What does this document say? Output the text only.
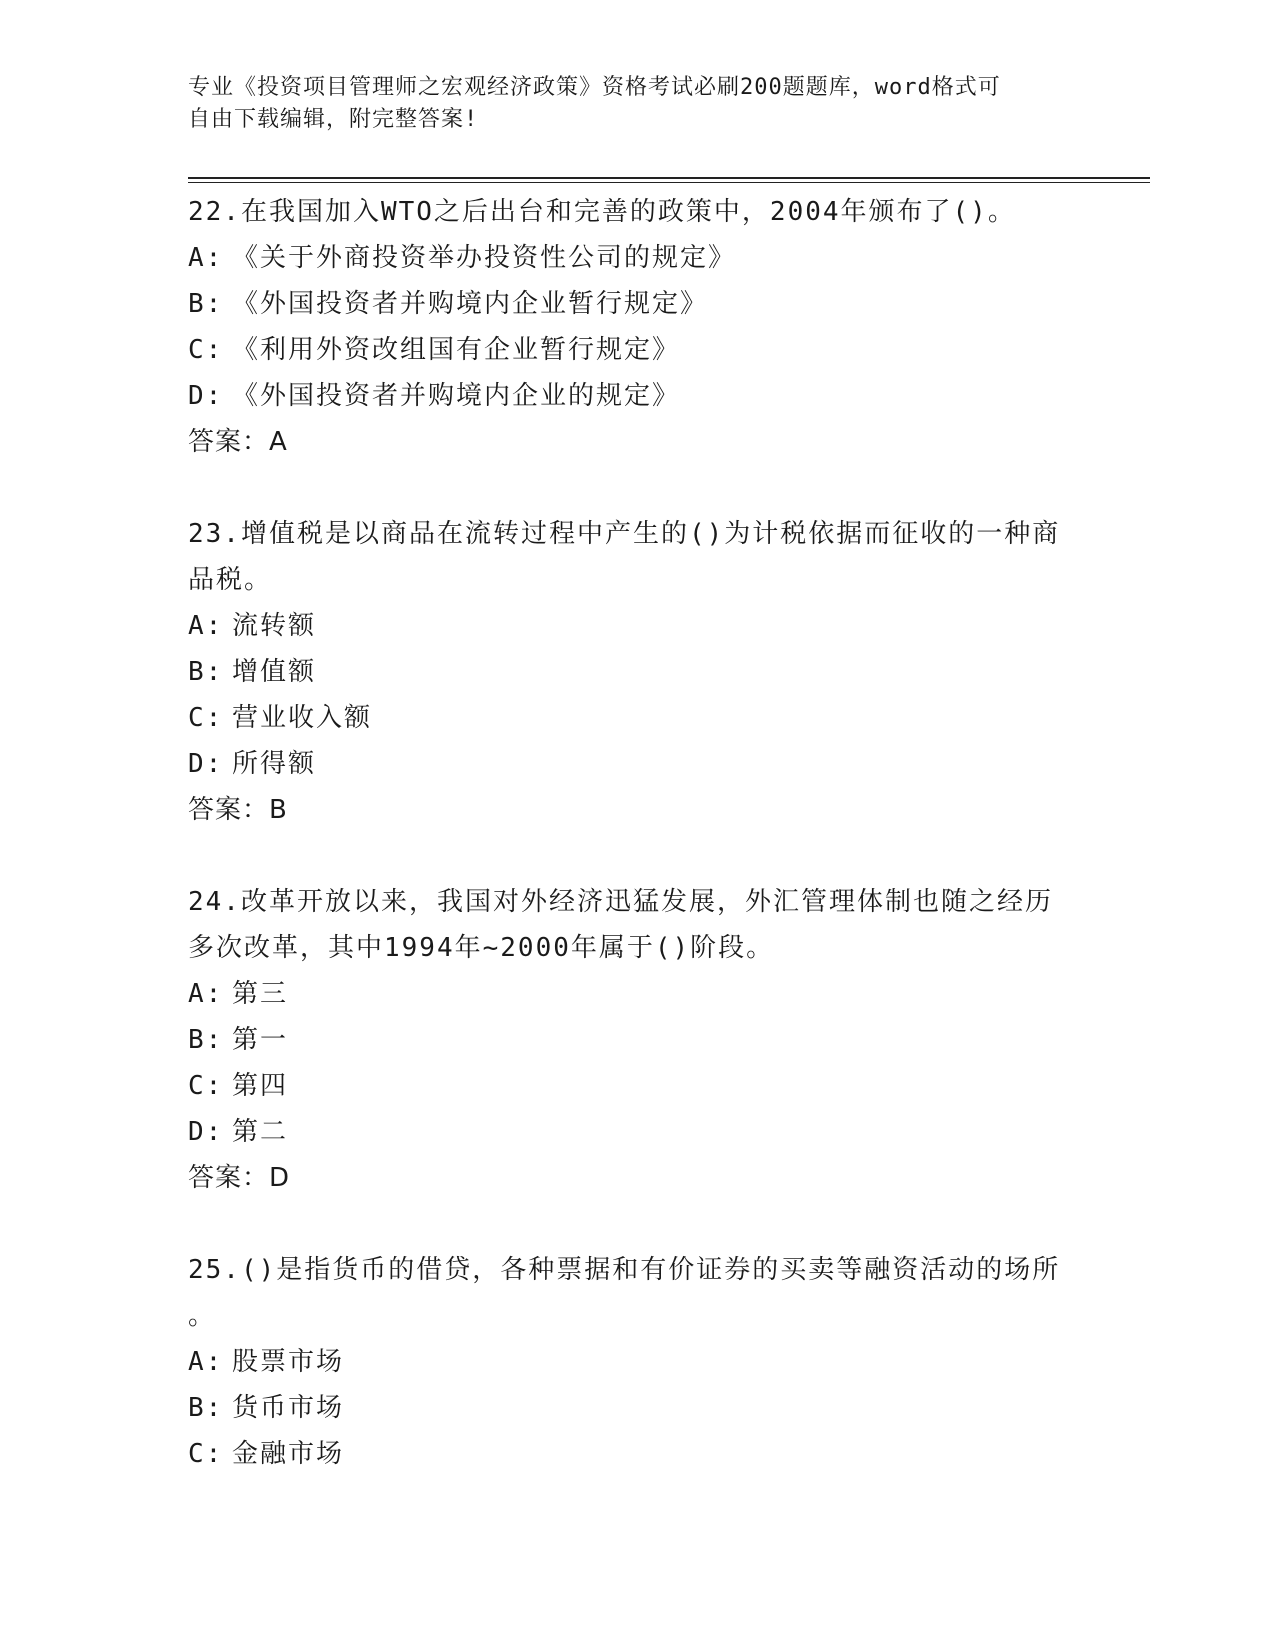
专业《投资项目管理师之宏观经济政策》资格考试必刷200题题库，word格式可
自由下载编辑，附完整答案!
22.在我国加入WTO之后出台和完善的政策中，2004年颁布了()。
A: 《关于外商投资举办投资性公司的规定》
B: 《外国投资者并购境内企业暂行规定》
C: 《利用外资改组国有企业暂行规定》
D: 《外国投资者并购境内企业的规定》
答案：A
23.增值税是以商品在流转过程中产生的()为计税依据而征收的一种商
品税。
A: 流转额
B: 增值额
C: 营业收入额
D: 所得额
答案：B
24.改革开放以来，我国对外经济迅猛发展，外汇管理体制也随之经历
多次改革，其中1994年~2000年属于()阶段。
A: 第三
B: 第一
C: 第四
D: 第二
答案：D
25.()是指货币的借贷，各种票据和有价证券的买卖等融资活动的场所
。
A: 股票市场
B: 货币市场
C: 金融市场
